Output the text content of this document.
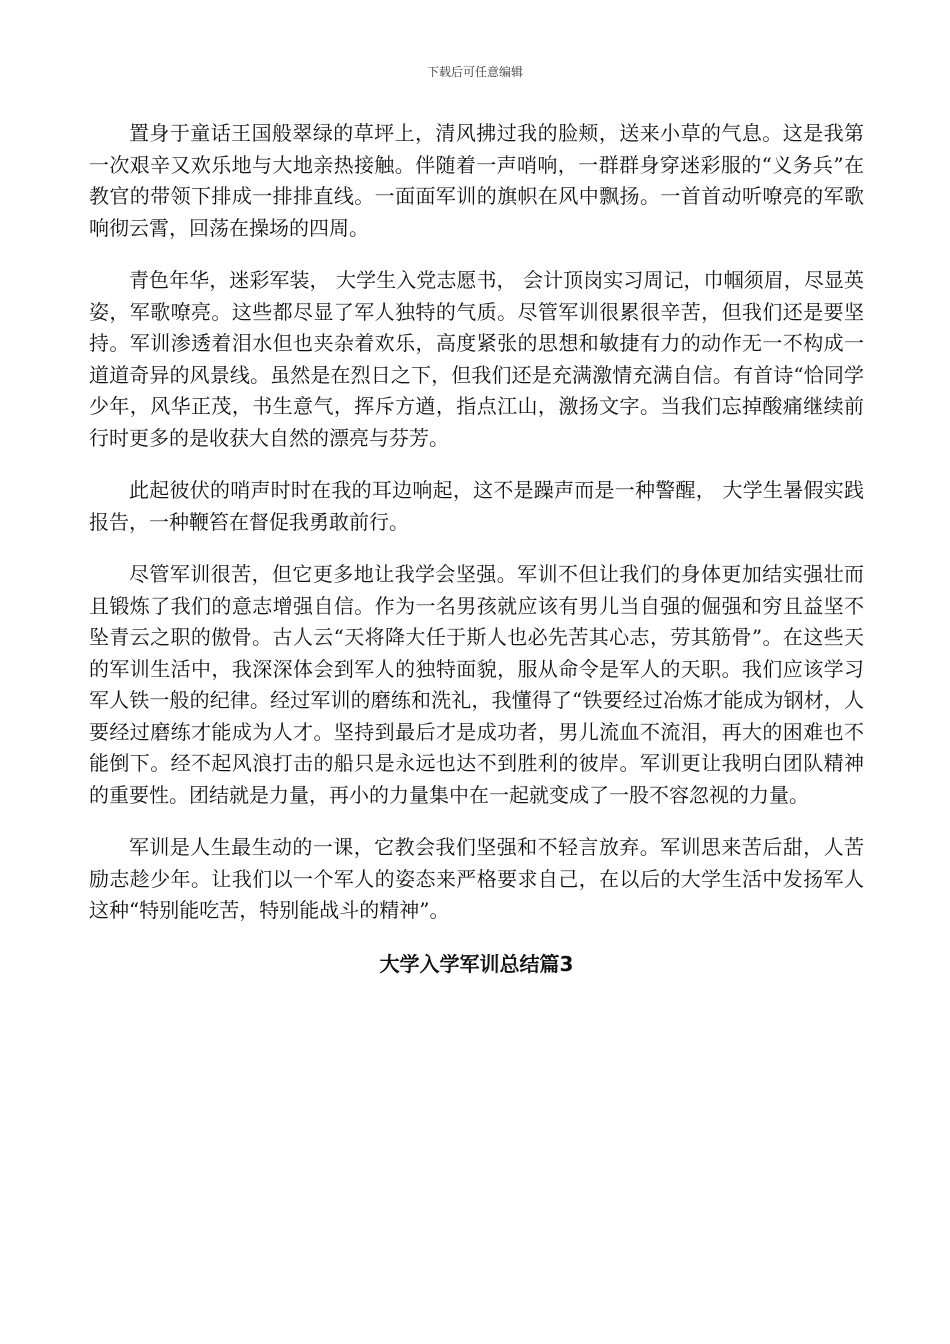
下载后可任意编辑

置身于童话王国般翠绿的草坪上，清风拂过我的脸颊，送来小草的气息。这是我第一次艰辛又欢乐地与大地亲热接触。伴随着一声哨响，一群群身穿迷彩服的“义务兵”在教官的带领下排成一排排直线。一面面军训的旗帜在风中飘扬。一首首动听嘹亮的军歌响彻云霄，回荡在操场的四周。

青色年华，迷彩军装， 大学生入党志愿书， 会计顶岗实习周记，巾帼须眉，尽显英姿，军歌嘹亮。这些都尽显了军人独特的气质。尽管军训很累很辛苦，但我们还是要坚持。军训渗透着泪水但也夹杂着欢乐，高度紧张的思想和敏捷有力的动作无一不构成一道道奇异的风景线。虽然是在烈日之下，但我们还是充满激情充满自信。有首诗“恰同学少年，风华正茂，书生意气，挥斥方遒，指点江山，激扬文字。当我们忘掉酸痛继续前行时更多的是收获大自然的漂亮与芬芳。

此起彼伏的哨声时时在我的耳边响起，这不是躁声而是一种警醒， 大学生暑假实践报告，一种鞭笞在督促我勇敢前行。

尽管军训很苦，但它更多地让我学会坚强。军训不但让我们的身体更加结实强壮而且锻炼了我们的意志增强自信。作为一名男孩就应该有男儿当自强的倔强和穷且益坚不坠青云之职的傲骨。古人云“天将降大任于斯人也必先苦其心志，劳其筋骨”。在这些天的军训生活中，我深深体会到军人的独特面貌，服从命令是军人的天职。我们应该学习军人铁一般的纪律。经过军训的磨练和洗礼，我懂得了“铁要经过冶炼才能成为钢材，人要经过磨练才能成为人才。坚持到最后才是成功者，男儿流血不流泪，再大的困难也不能倒下。经不起风浪打击的船只是永远也达不到胜利的彼岸。军训更让我明白团队精神的重要性。团结就是力量，再小的力量集中在一起就变成了一股不容忽视的力量。

军训是人生最生动的一课，它教会我们坚强和不轻言放弃。军训思来苦后甜，人苦励志趁少年。让我们以一个军人的姿态来严格要求自己，在以后的大学生活中发扬军人这种“特别能吃苦，特别能战斗的精神”。

大学入学军训总结篇3
